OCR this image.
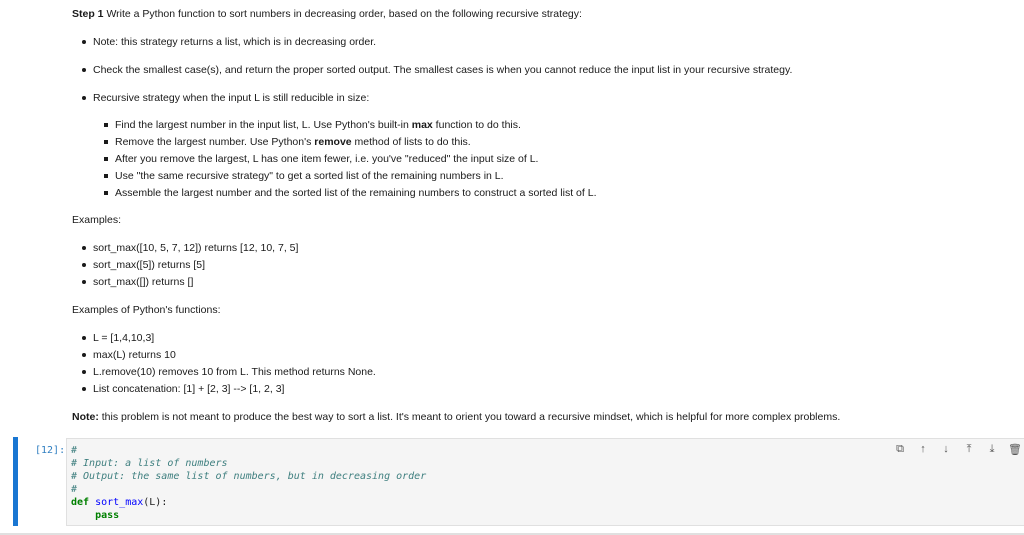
Step 1 Write a Python function to sort numbers in decreasing order, based on the following recursive strategy:
Note: this strategy returns a list, which is in decreasing order.
Check the smallest case(s), and return the proper sorted output. The smallest cases is when you cannot reduce the input list in your recursive strategy.
Recursive strategy when the input L is still reducible in size:
Find the largest number in the input list, L. Use Python's built-in max function to do this.
Remove the largest number. Use Python's remove method of lists to do this.
After you remove the largest, L has one item fewer, i.e. you've "reduced" the input size of L.
Use "the same recursive strategy" to get a sorted list of the remaining numbers in L.
Assemble the largest number and the sorted list of the remaining numbers to construct a sorted list of L.
Examples:
sort_max([10, 5, 7, 12]) returns [12, 10, 7, 5]
sort_max([5]) returns [5]
sort_max([]) returns []
Examples of Python's functions:
L = [1,4,10,3]
max(L) returns 10
L.remove(10) removes 10 from L. This method returns None.
List concatenation: [1] + [2, 3] --> [1, 2, 3]
Note: this problem is not meant to produce the best way to sort a list. It's meant to orient you toward a recursive mindset, which is helpful for more complex problems.
[12]: #
# Input: a list of numbers
# Output: the same list of numbers, but in decreasing order
#
def sort_max(L):
pass
⧉	↑	↓	⤒	⤓	🗑
